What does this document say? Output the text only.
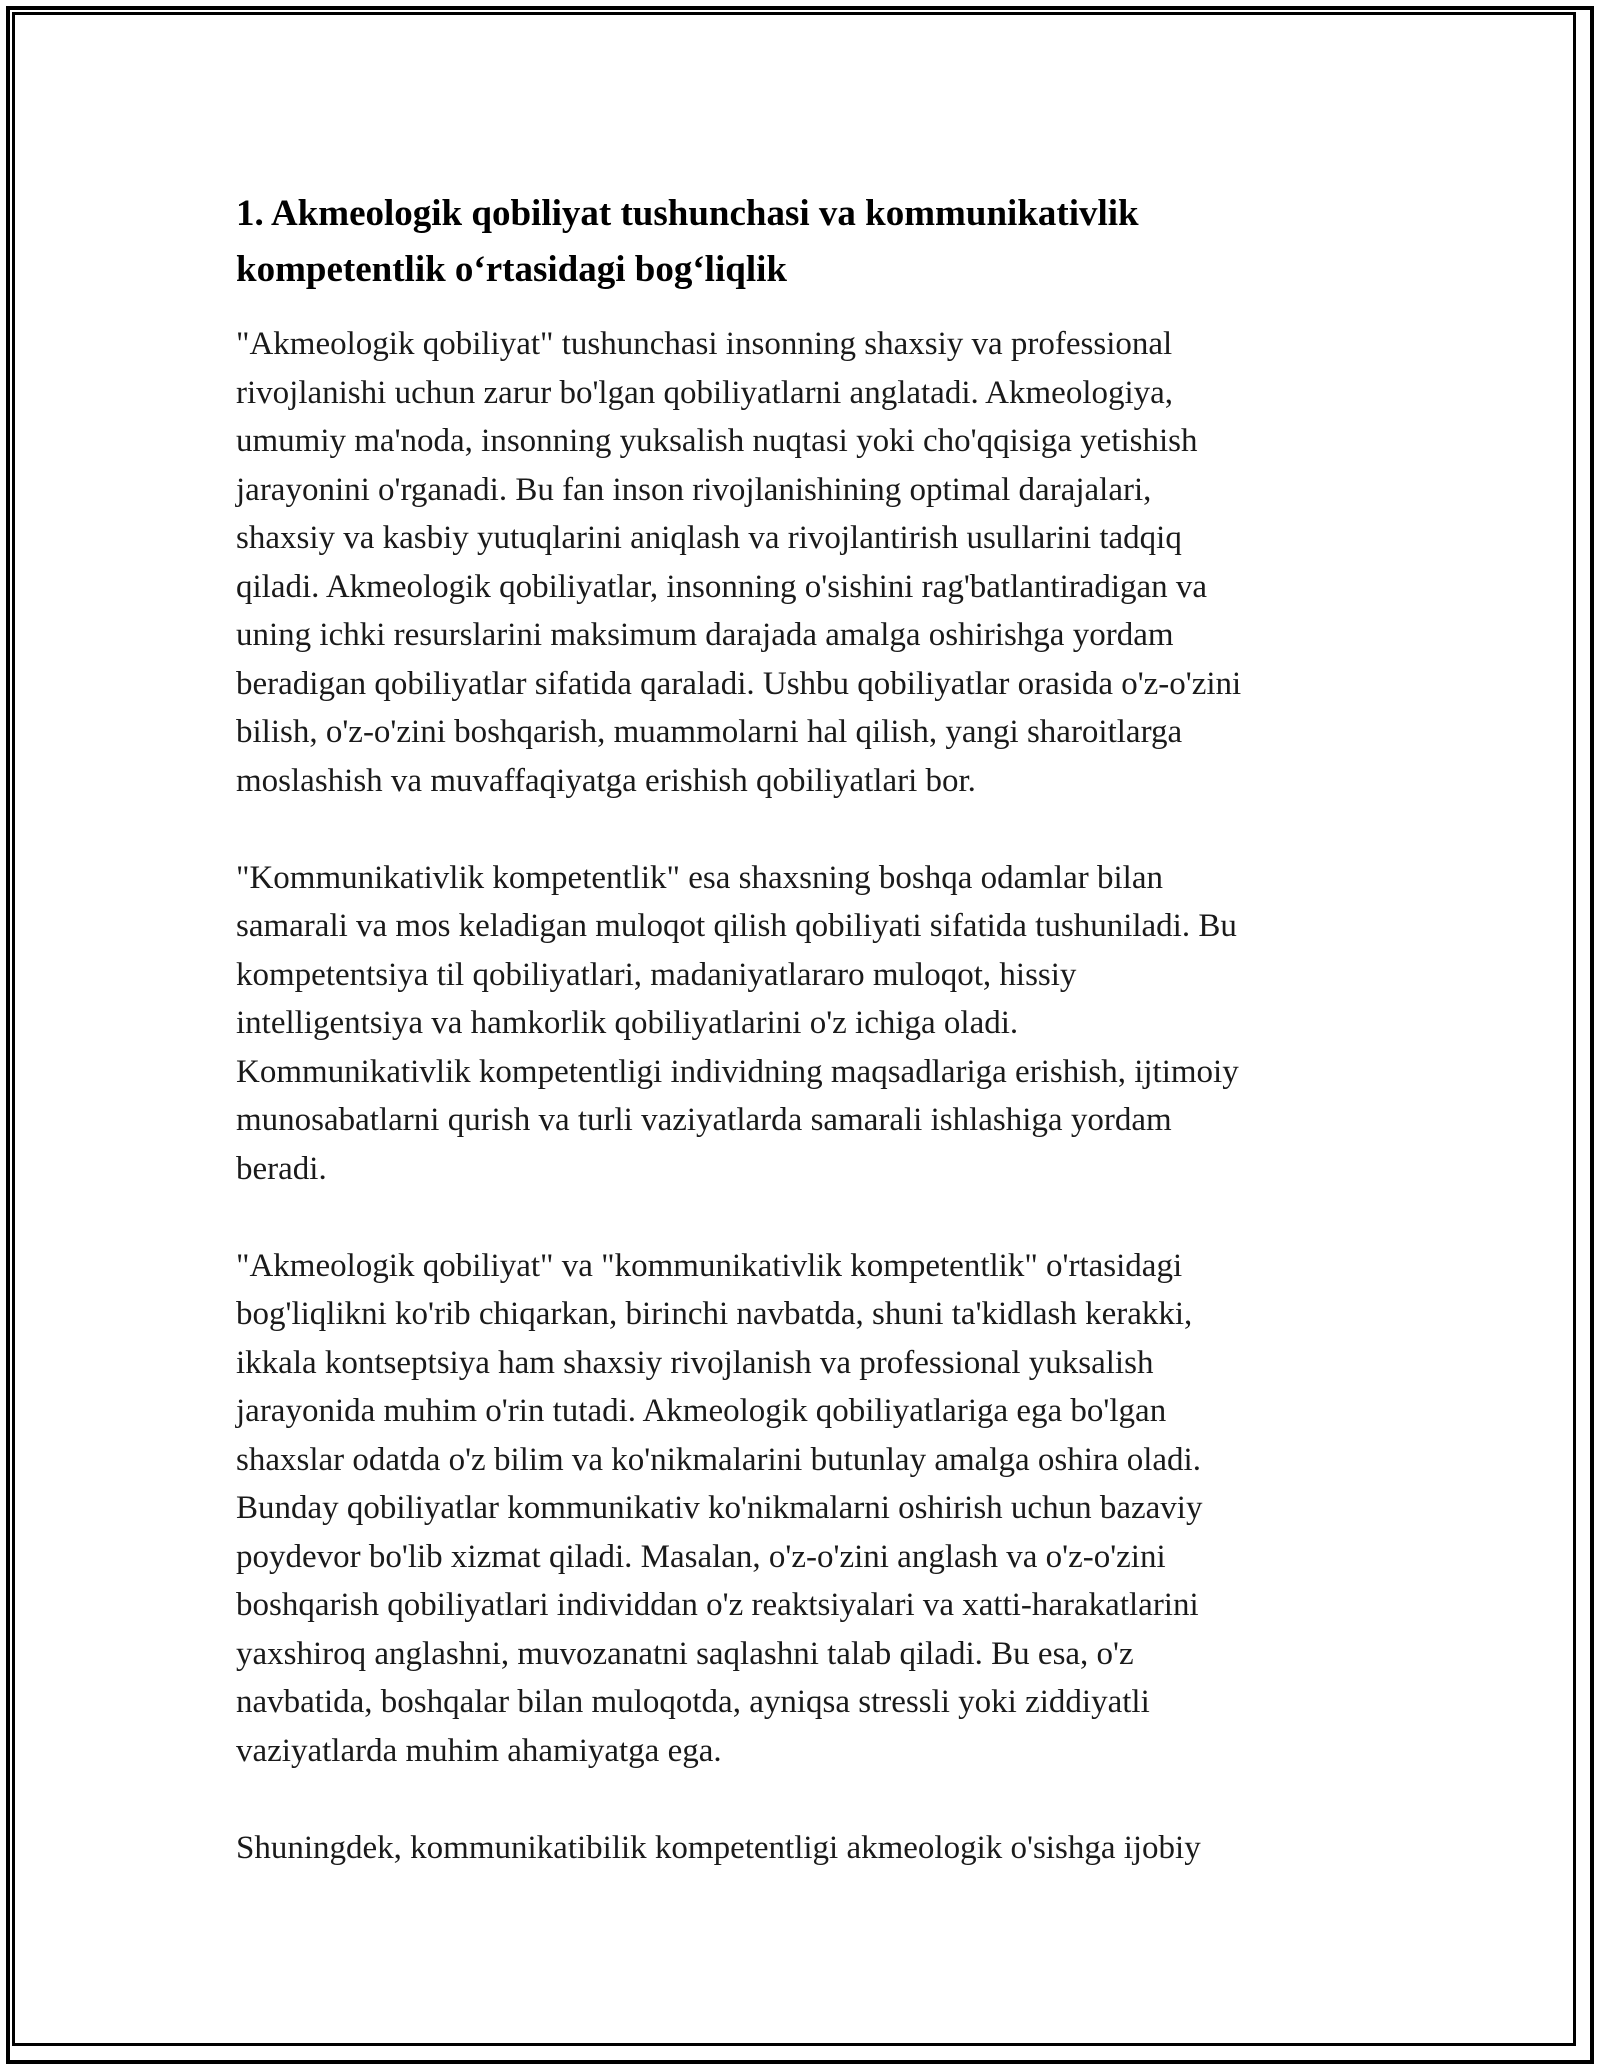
1. Akmeologik qobiliyat tushunchasi va kommunikativlik
kompetentlik o‘rtasidagi bog‘liqlik
"Akmeologik qobiliyat" tushunchasi insonning shaxsiy va professional
rivojlanishi uchun zarur bo'lgan qobiliyatlarni anglatadi. Akmeologiya,
umumiy ma'noda, insonning yuksalish nuqtasi yoki cho'qqisiga yetishish
jarayonini o'rganadi. Bu fan inson rivojlanishining optimal darajalari,
shaxsiy va kasbiy yutuqlarini aniqlash va rivojlantirish usullarini tadqiq
qiladi. Akmeologik qobiliyatlar, insonning o'sishini rag'batlantiradigan va
uning ichki resurslarini maksimum darajada amalga oshirishga yordam
beradigan qobiliyatlar sifatida qaraladi. Ushbu qobiliyatlar orasida o'z-o'zini
bilish, o'z-o'zini boshqarish, muammolarni hal qilish, yangi sharoitlarga
moslashish va muvaffaqiyatga erishish qobiliyatlari bor.
"Kommunikativlik kompetentlik" esa shaxsning boshqa odamlar bilan
samarali va mos keladigan muloqot qilish qobiliyati sifatida tushuniladi. Bu
kompetentsiya til qobiliyatlari, madaniyatlararo muloqot, hissiy
intelligentsiya va hamkorlik qobiliyatlarini o'z ichiga oladi.
Kommunikativlik kompetentligi individning maqsadlariga erishish, ijtimoiy
munosabatlarni qurish va turli vaziyatlarda samarali ishlashiga yordam
beradi.
"Akmeologik qobiliyat" va "kommunikativlik kompetentlik" o'rtasidagi
bog'liqlikni ko'rib chiqarkan, birinchi navbatda, shuni ta'kidlash kerakki,
ikkala kontseptsiya ham shaxsiy rivojlanish va professional yuksalish
jarayonida muhim o'rin tutadi. Akmeologik qobiliyatlariga ega bo'lgan
shaxslar odatda o'z bilim va ko'nikmalarini butunlay amalga oshira oladi.
Bunday qobiliyatlar kommunikativ ko'nikmalarni oshirish uchun bazaviy
poydevor bo'lib xizmat qiladi. Masalan, o'z-o'zini anglash va o'z-o'zini
boshqarish qobiliyatlari individdan o'z reaktsiyalari va xatti-harakatlarini
yaxshiroq anglashni, muvozanatni saqlashni talab qiladi. Bu esa, o'z
navbatida, boshqalar bilan muloqotda, ayniqsa stressli yoki ziddiyatli
vaziyatlarda muhim ahamiyatga ega.
Shuningdek, kommunikatibilik kompetentligi akmeologik o'sishga ijobiy
